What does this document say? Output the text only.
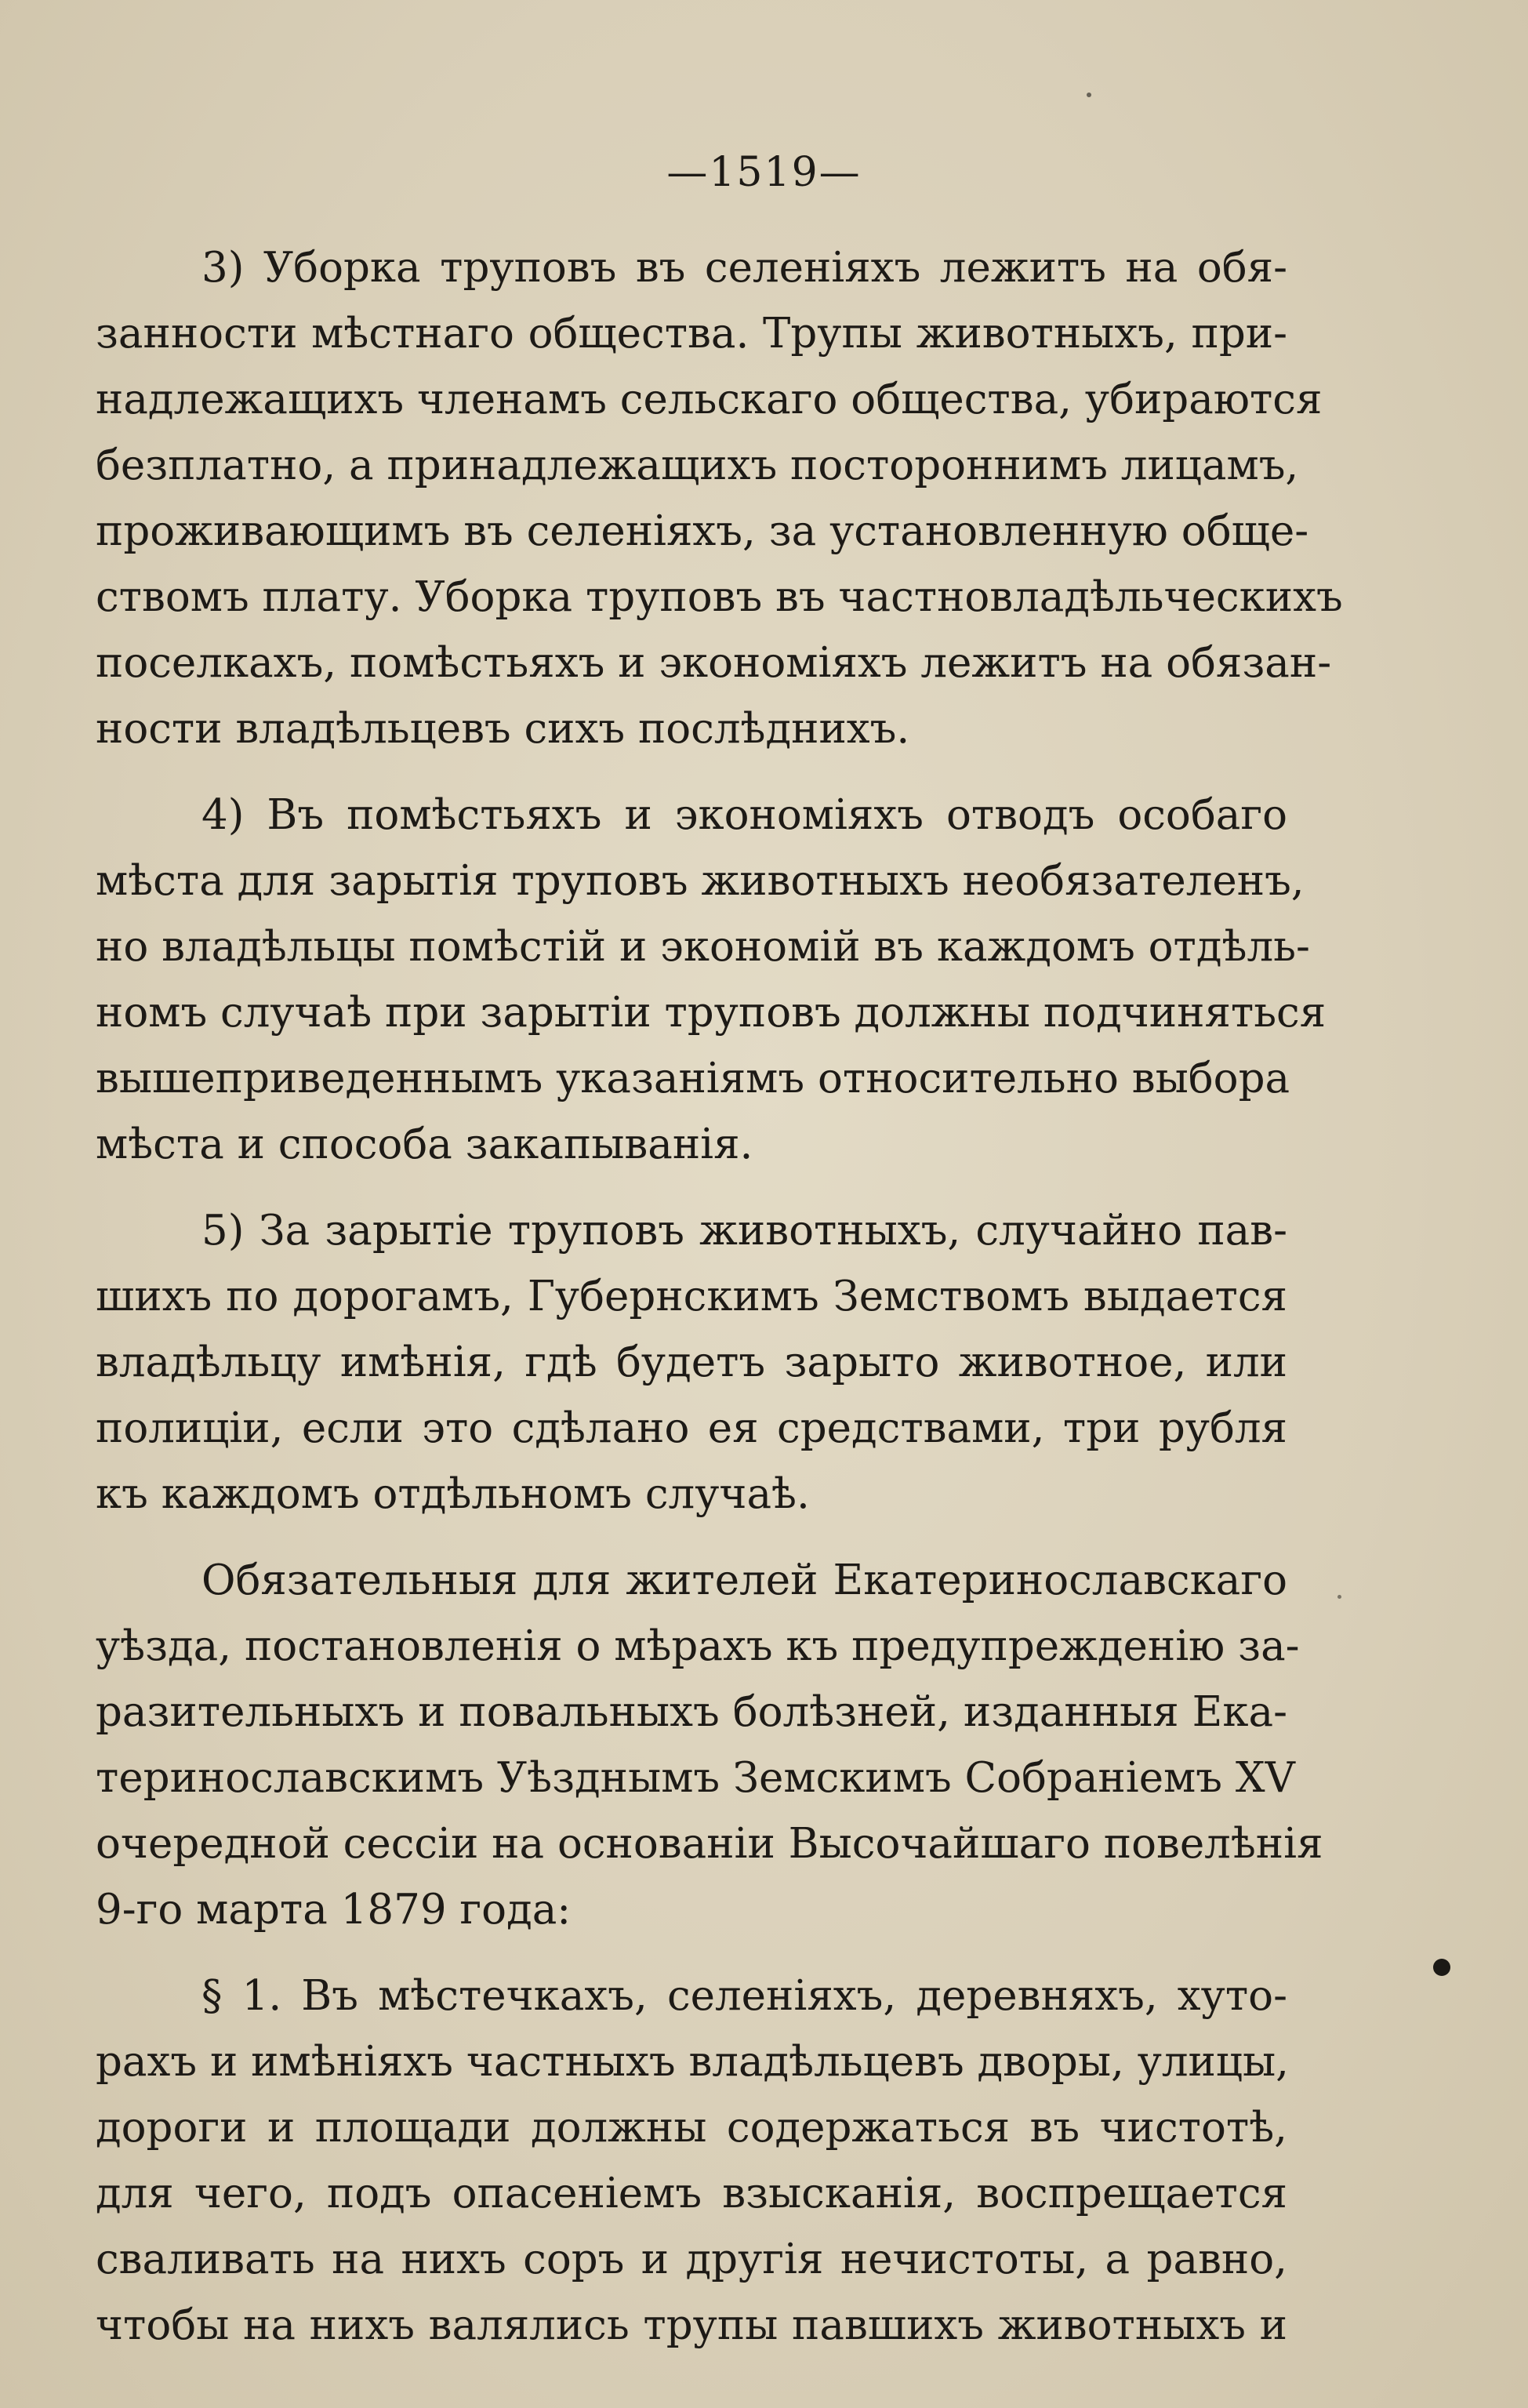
—1519—
3) Уборка труповъ въ селеніяхъ лежитъ на обя-
занности мѣстнаго общества. Трупы животныхъ, при-
надлежащихъ членамъ сельскаго общества, убираются
безплатно, а принадлежащихъ постороннимъ лицамъ,
проживающимъ въ селеніяхъ, за установленную обще-
ствомъ плату. Уборка труповъ въ частновладѣльческихъ
поселкахъ, помѣстьяхъ и экономіяхъ лежитъ на обязан-
ности владѣльцевъ сихъ послѣднихъ.
4) Въ помѣстьяхъ и экономіяхъ отводъ особаго
мѣста для зарытія труповъ животныхъ необязателенъ,
но владѣльцы помѣстій и экономій въ каждомъ отдѣль-
номъ случаѣ при зарытіи труповъ должны подчиняться
вышеприведеннымъ указаніямъ относительно выбора
мѣста и способа закапыванія.
5) За зарытіе труповъ животныхъ, случайно пав-
шихъ по дорогамъ, Губернскимъ Земствомъ выдается
владѣльцу имѣнія, гдѣ будетъ зарыто животное, или
полиціи, если это сдѣлано ея средствами, три рубля
къ каждомъ отдѣльномъ случаѣ.
Обязательныя для жителей Екатеринославскаго
уѣзда, постановленія о мѣрахъ къ предупрежденію за-
разительныхъ и повальныхъ болѣзней, изданныя Ека-
теринославскимъ Уѣзднымъ Земскимъ Собраніемъ XV
очередной сессіи на основаніи Высочайшаго повелѣнія
9-го марта 1879 года:
§ 1. Въ мѣстечкахъ, селеніяхъ, деревняхъ, хуто-
рахъ и имѣніяхъ частныхъ владѣльцевъ дворы, улицы,
дороги и площади должны содержаться въ чистотѣ,
для чего, подъ опасеніемъ взысканія, воспрещается
сваливать на нихъ соръ и другія нечистоты, а равно,
чтобы на нихъ валялись трупы павшихъ животныхъ и
